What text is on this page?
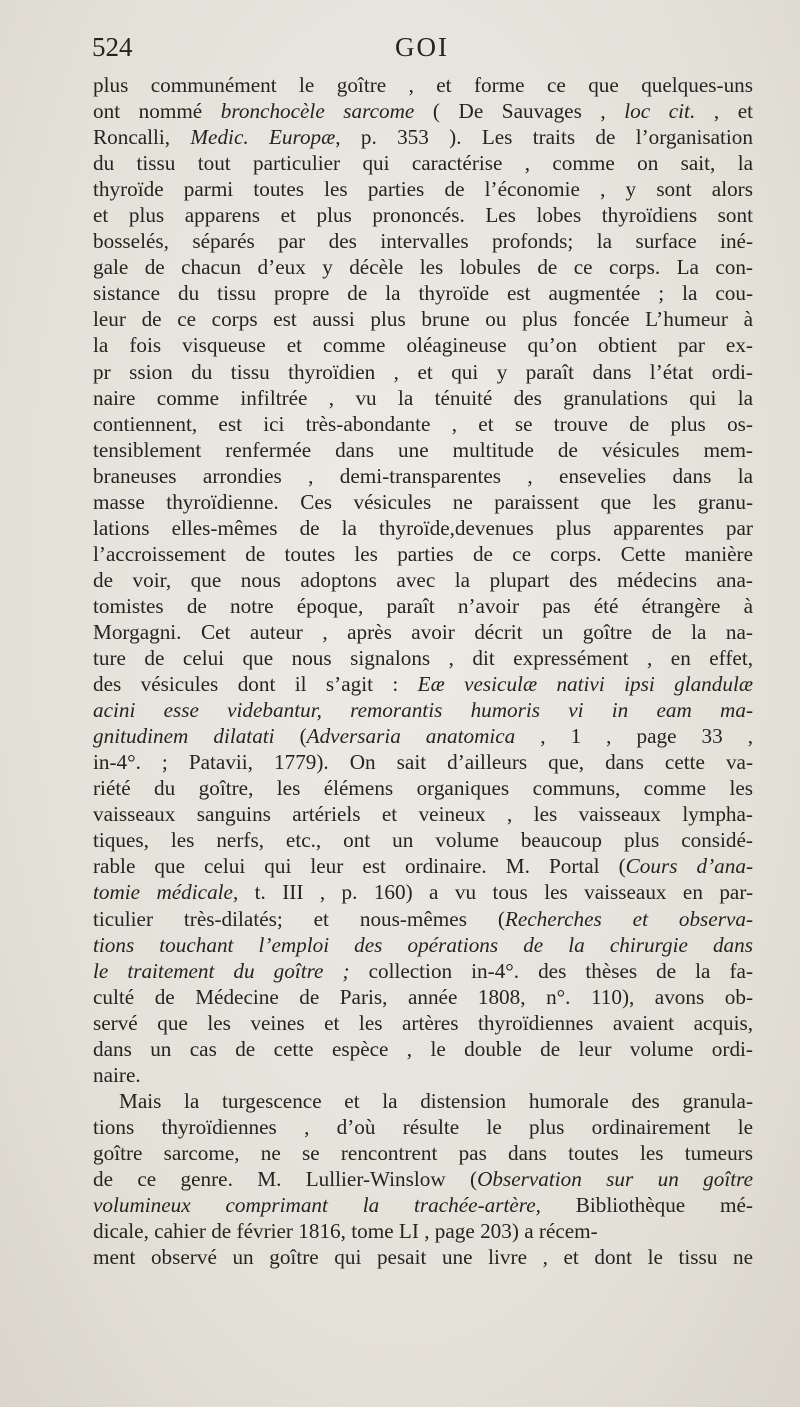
524	GOI
plus communément le goître , et forme ce que quelques-uns
ont nommé bronchocèle sarcome ( De Sauvages , loc cit. , et
Roncalli, Medic. Europæ, p. 353 ). Les traits de l’organisation
du tissu tout particulier qui caractérise , comme on sait, la
thyroïde parmi toutes les parties de l’économie , y sont alors
et plus apparens et plus prononcés. Les lobes thyroïdiens sont
bosselés, séparés par des intervalles profonds; la surface iné-
gale de chacun d’eux y décèle les lobules de ce corps. La con-
sistance du tissu propre de la thyroïde est augmentée ; la cou-
leur de ce corps est aussi plus brune ou plus foncée L’humeur à
la fois visqueuse et comme oléagineuse qu’on obtient par ex-
pr ssion du tissu thyroïdien , et qui y paraît dans l’état ordi-
naire comme infiltrée , vu la ténuité des granulations qui la
contiennent, est ici très-abondante , et se trouve de plus os-
tensiblement renfermée dans une multitude de vésicules mem-
braneuses arrondies , demi-transparentes , ensevelies dans la
masse thyroïdienne. Ces vésicules ne paraissent que les granu-
lations elles-mêmes de la thyroïde,devenues plus apparentes par
l’accroissement de toutes les parties de ce corps. Cette manière
de voir, que nous adoptons avec la plupart des médecins ana-
tomistes de notre époque, paraît n’avoir pas été étrangère à
Morgagni. Cet auteur , après avoir décrit un goître de la na-
ture de celui que nous signalons , dit expressément , en effet,
des vésicules dont il s’agit : Eæ vesiculæ nativi ipsi glandulæ
acini esse videbantur, remorantis humoris vi in eam ma-
gnitudinem dilatati (Adversaria anatomica , 1 , page 33 ,
in-4°. ; Patavii, 1779). On sait d’ailleurs que, dans cette va-
riété du goître, les élémens organiques communs, comme les
vaisseaux sanguins artériels et veineux , les vaisseaux lympha-
tiques, les nerfs, etc., ont un volume beaucoup plus considé-
rable que celui qui leur est ordinaire. M. Portal (Cours d’ana-
tomie médicale, t. III , p. 160) a vu tous les vaisseaux en par-
ticulier très-dilatés; et nous-mêmes (Recherches et observa-
tions touchant l’emploi des opérations de la chirurgie dans
le traitement du goître ; collection in-4°. des thèses de la fa-
culté de Médecine de Paris, année 1808, n°. 110), avons ob-
servé que les veines et les artères thyroïdiennes avaient acquis,
dans un cas de cette espèce , le double de leur volume ordi-
naire.
Mais la turgescence et la distension humorale des granula-
tions thyroïdiennes , d’où résulte le plus ordinairement le
goître sarcome, ne se rencontrent pas dans toutes les tumeurs
de ce genre. M. Lullier-Winslow (Observation sur un goître
volumineux comprimant la trachée-artère, Bibliothèque mé-
dicale, cahier de février 1816, tome LI , page 203) a récem-
ment observé un goître qui pesait une livre , et dont le tissu ne
